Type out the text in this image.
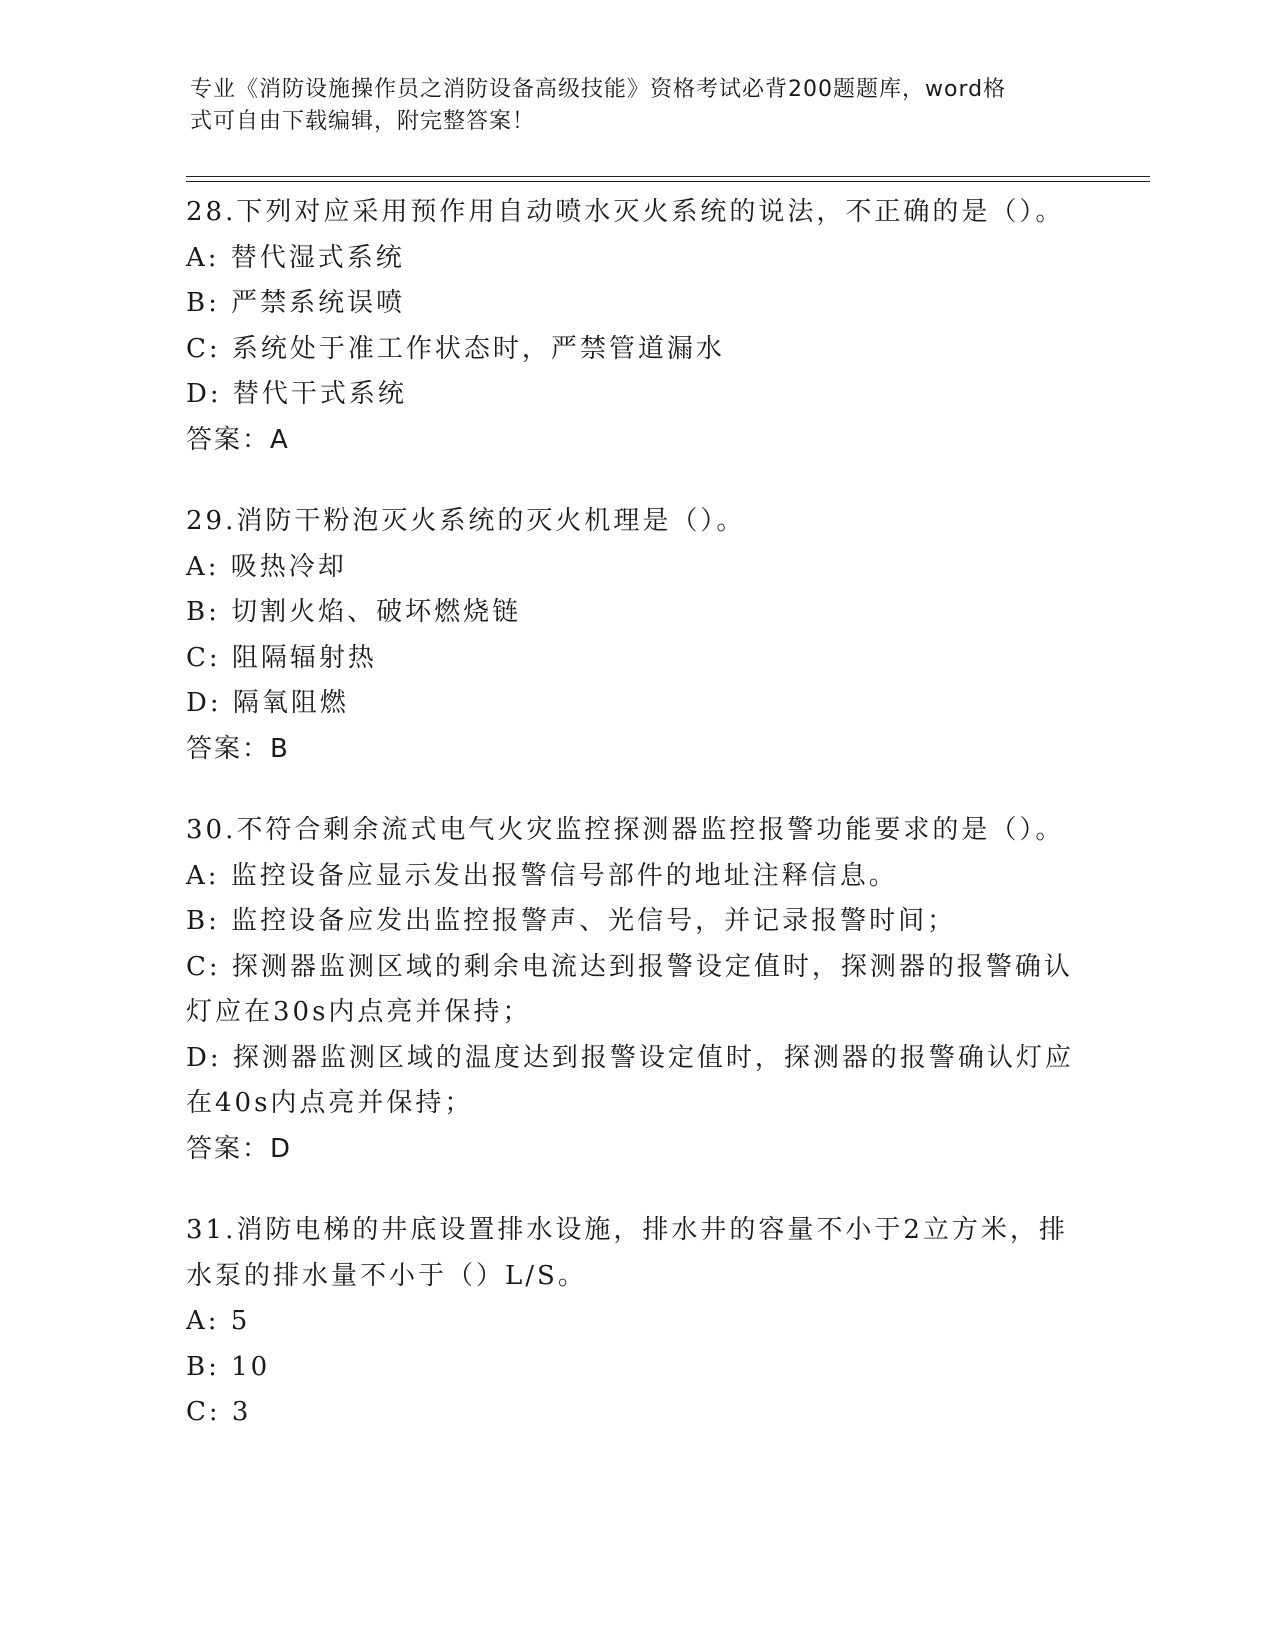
专业《消防设施操作员之消防设备高级技能》资格考试必背200题题库，word格
式可自由下载编辑，附完整答案！
28.下列对应采用预作用自动喷水灭火系统的说法，不正确的是（）。
A: 替代湿式系统
B: 严禁系统误喷
C: 系统处于准工作状态时，严禁管道漏水
D: 替代干式系统
答案：A
29.消防干粉泡灭火系统的灭火机理是（）。
A: 吸热冷却
B: 切割火焰、破坏燃烧链
C: 阻隔辐射热
D: 隔氧阻燃
答案：B
30.不符合剩余流式电气火灾监控探测器监控报警功能要求的是（）。
A: 监控设备应显示发出报警信号部件的地址注释信息。
B: 监控设备应发出监控报警声、光信号，并记录报警时间；
C: 探测器监测区域的剩余电流达到报警设定值时，探测器的报警确认
灯应在30s内点亮并保持；
D: 探测器监测区域的温度达到报警设定值时，探测器的报警确认灯应
在40s内点亮并保持；
答案：D
31.消防电梯的井底设置排水设施，排水井的容量不小于2立方米，排
水泵的排水量不小于（）L/S。
A: 5
B: 10
C: 3
